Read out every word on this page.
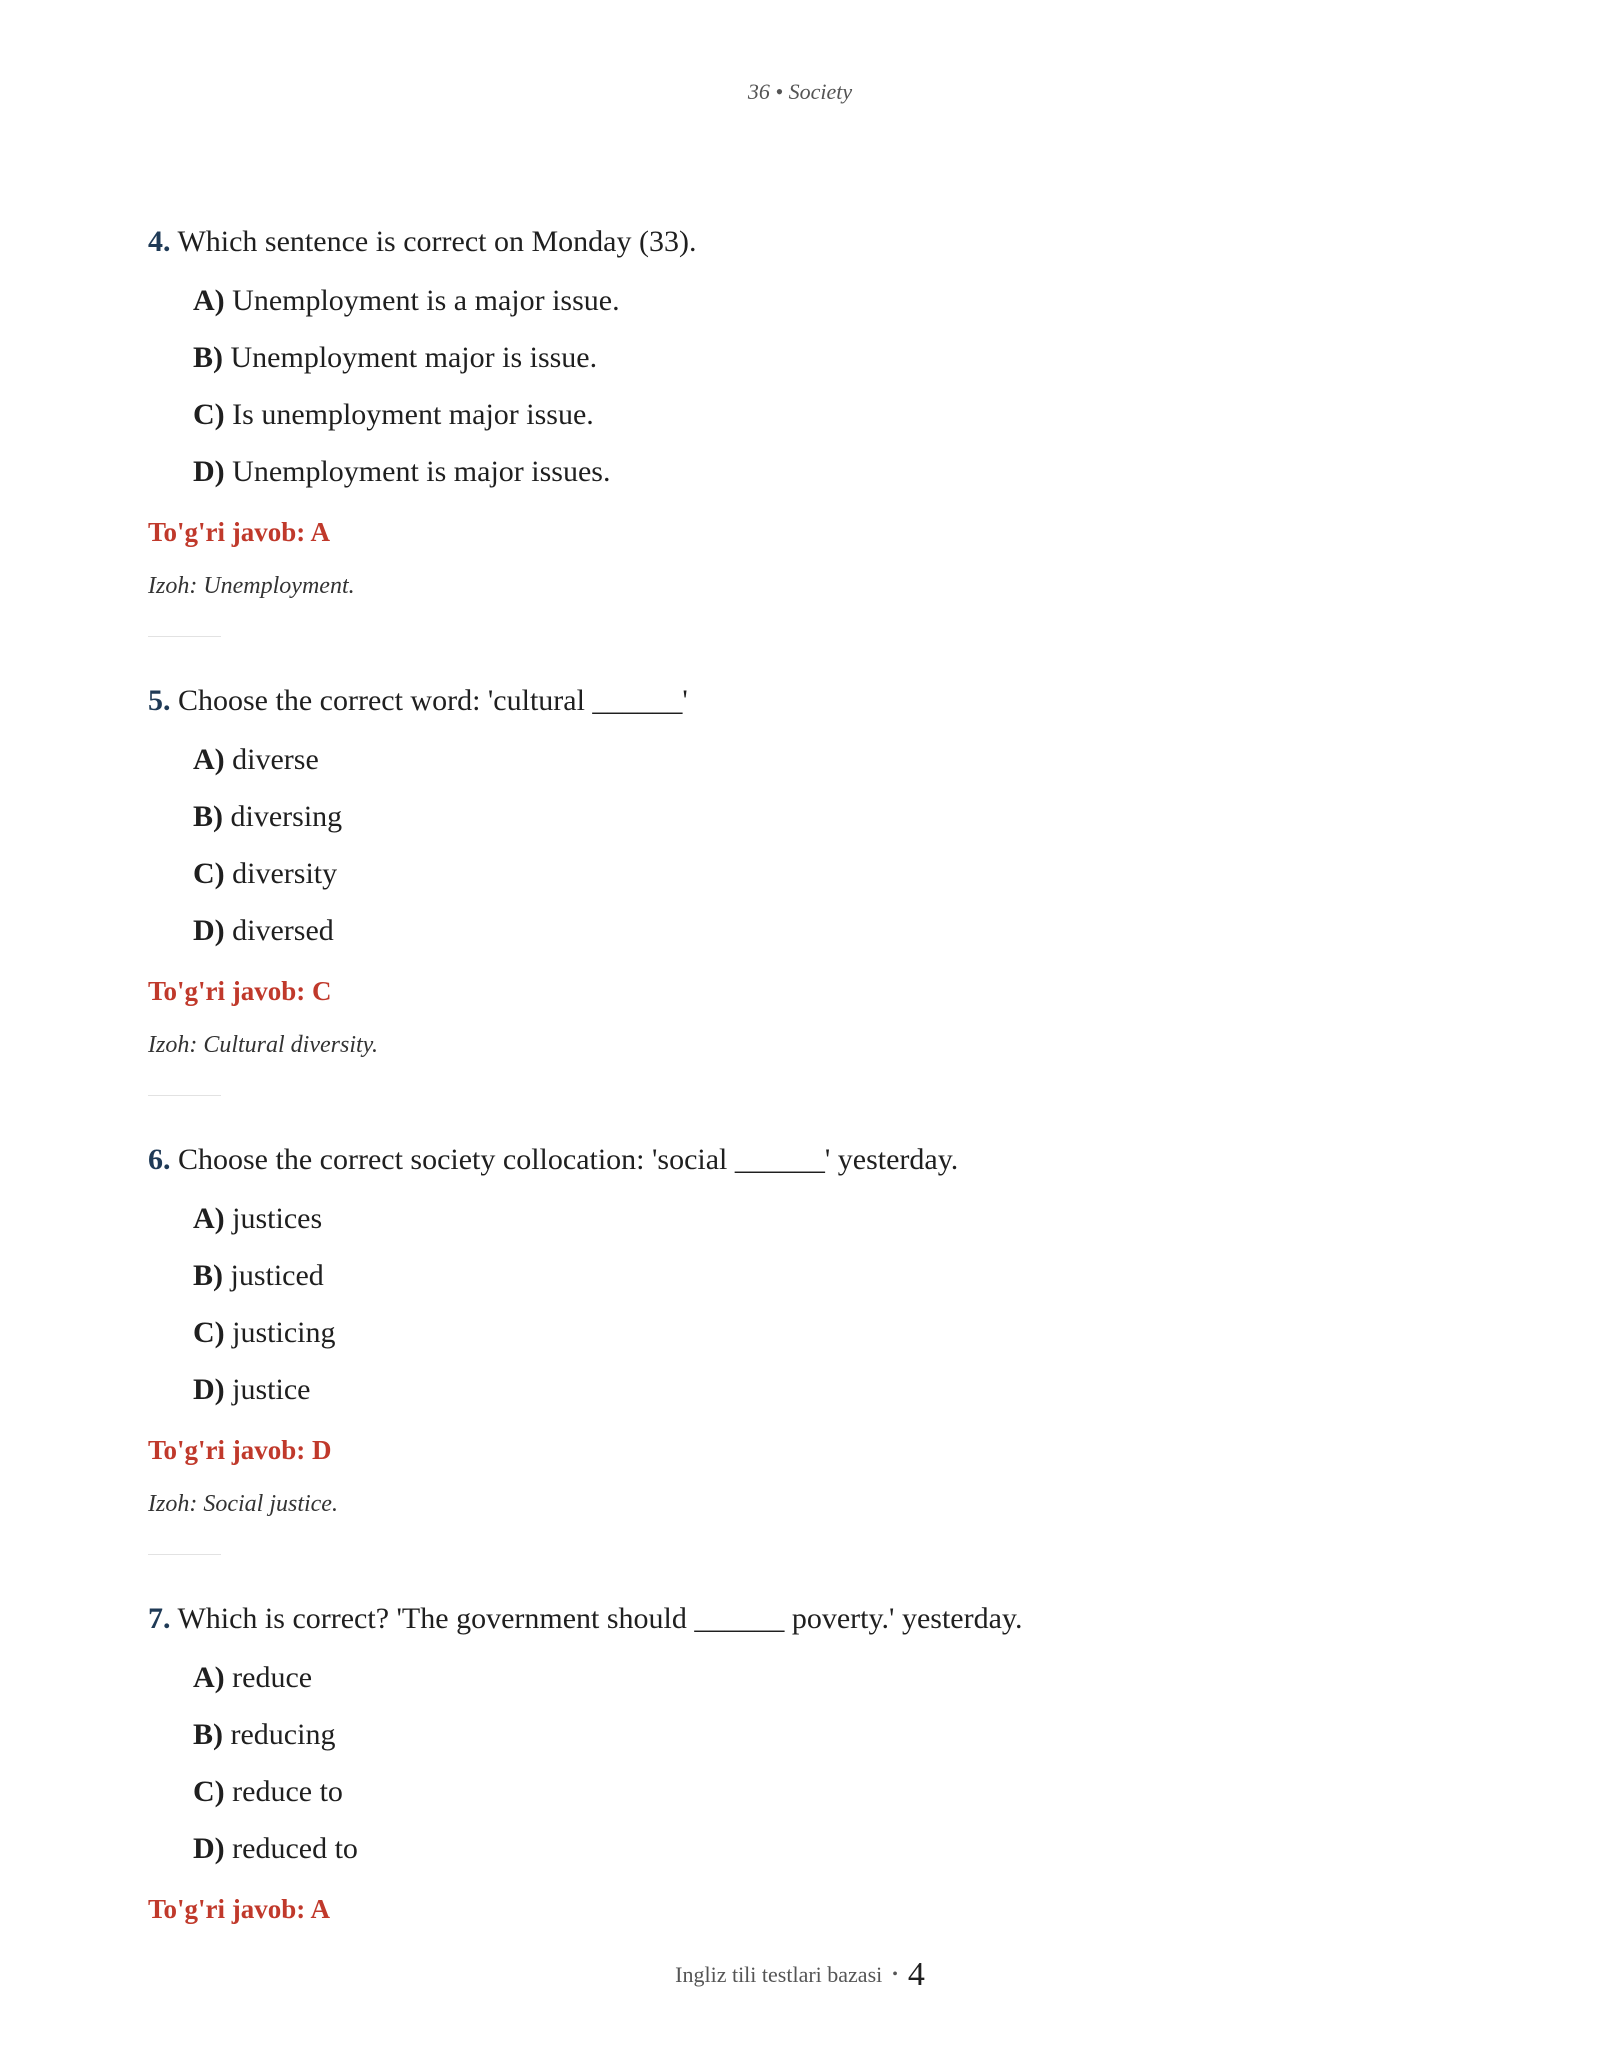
36 • Society

4. Which sentence is correct on Monday (33).

A) Unemployment is a major issue.

B) Unemployment major is issue.

C) Is unemployment major issue.

D) Unemployment is major issues.

To'g'ri javob: A

Izoh: Unemployment.

5. Choose the correct word: 'cultural ______'

A) diverse

B) diversing

C) diversity

D) diversed

To'g'ri javob: C

Izoh: Cultural diversity.

6. Choose the correct society collocation: 'social ______' yesterday.

A) justices

B) justiced

C) justicing

D) justice

To'g'ri javob: D

Izoh: Social justice.

7. Which is correct? 'The government should ______ poverty.' yesterday.

A) reduce

B) reducing

C) reduce to

D) reduced to

To'g'ri javob: A

Ingliz tili testlari bazasi • 4
